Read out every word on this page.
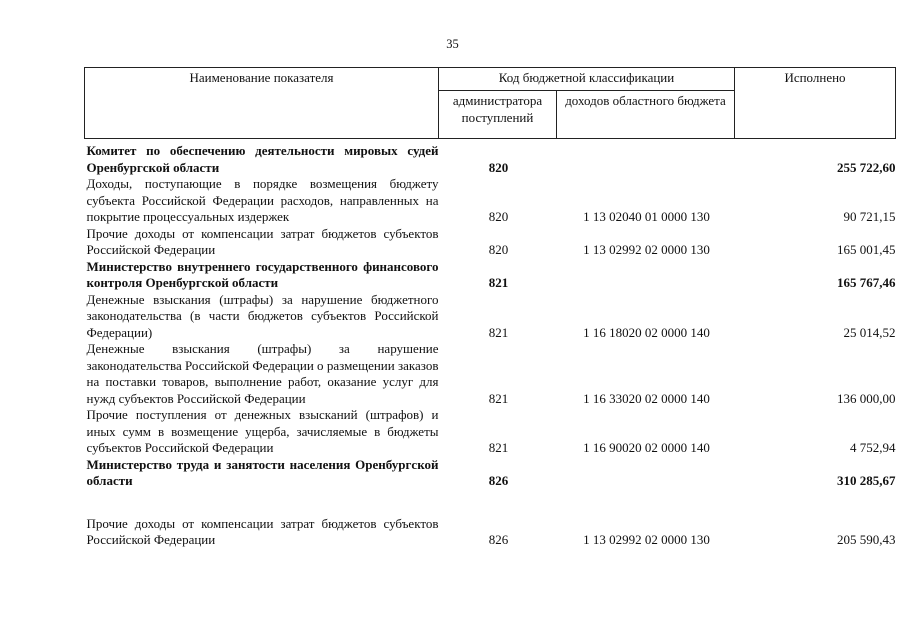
35
Наименование показателя	Код бюджетной классификации		Исполнено
	администратора поступлений	доходов областного бюджета	
Комитет по обеспечению деятельности мировых судей Оренбургской области	820		255 722,60
Доходы, поступающие в порядке возмещения бюджету субъекта Российской Федерации расходов, направленных на покрытие процессуальных издержек	820	1 13 02040 01 0000 130	90 721,15
Прочие доходы от компенсации затрат бюджетов субъектов Российской Федерации	820	1 13 02992 02 0000 130	165 001,45
Министерство внутреннего государственного финансового контроля Оренбургской области	821		165 767,46
Денежные взыскания (штрафы) за нарушение бюджетного законодательства (в части бюджетов субъектов Российской Федерации)	821	1 16 18020 02 0000 140	25 014,52
Денежные взыскания (штрафы) за нарушение законодательства Российской Федерации о размещении заказов на поставки товаров, выполнение работ, оказание услуг для нужд субъектов Российской Федерации	821	1 16 33020 02 0000 140	136 000,00
Прочие поступления от денежных взысканий (штрафов) и иных сумм в возмещение ущерба, зачисляемые в бюджеты субъектов Российской Федерации	821	1 16 90020 02 0000 140	4 752,94
Министерство труда и занятости населения Оренбургской области	826		310 285,67

Прочие доходы от компенсации затрат бюджетов субъектов Российской Федерации	826	1 13 02992 02 0000 130	205 590,43
